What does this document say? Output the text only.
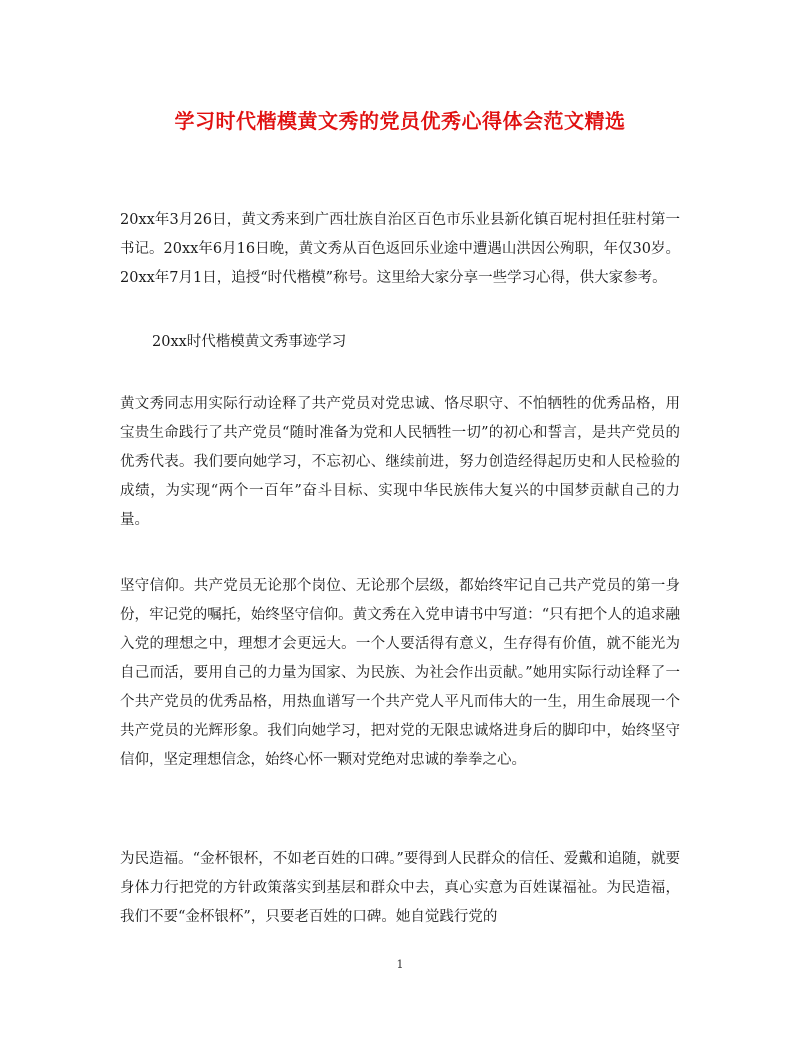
学习时代楷模黄文秀的党员优秀心得体会范文精选
20xx年3月26日，黄文秀来到广西壮族自治区百色市乐业县新化镇百坭村担任驻村第一书记。20xx年6月16日晚，黄文秀从百色返回乐业途中遭遇山洪因公殉职，年仅30岁。20xx年7月1日，追授“时代楷模”称号。这里给大家分享一些学习心得，供大家参考。
20xx时代楷模黄文秀事迹学习
黄文秀同志用实际行动诠释了共产党员对党忠诚、恪尽职守、不怕牺牲的优秀品格，用宝贵生命践行了共产党员“随时准备为党和人民牺牲一切”的初心和誓言，是共产党员的优秀代表。我们要向她学习，不忘初心、继续前进，努力创造经得起历史和人民检验的成绩，为实现“两个一百年”奋斗目标、实现中华民族伟大复兴的中国梦贡献自己的力量。
坚守信仰。共产党员无论那个岗位、无论那个层级，都始终牢记自己共产党员的第一身份，牢记党的嘱托，始终坚守信仰。黄文秀在入党申请书中写道：“只有把个人的追求融入党的理想之中，理想才会更远大。一个人要活得有意义，生存得有价值，就不能光为自己而活，要用自己的力量为国家、为民族、为社会作出贡献。”她用实际行动诠释了一个共产党员的优秀品格，用热血谱写一个共产党人平凡而伟大的一生，用生命展现一个共产党员的光辉形象。我们向她学习，把对党的无限忠诚烙进身后的脚印中，始终坚守信仰，坚定理想信念，始终心怀一颗对党绝对忠诚的拳拳之心。
为民造福。“金杯银杯，不如老百姓的口碑。”要得到人民群众的信任、爱戴和追随，就要身体力行把党的方针政策落实到基层和群众中去，真心实意为百姓谋福祉。为民造福，我们不要“金杯银杯”，只要老百姓的口碑。她自觉践行党的
1
